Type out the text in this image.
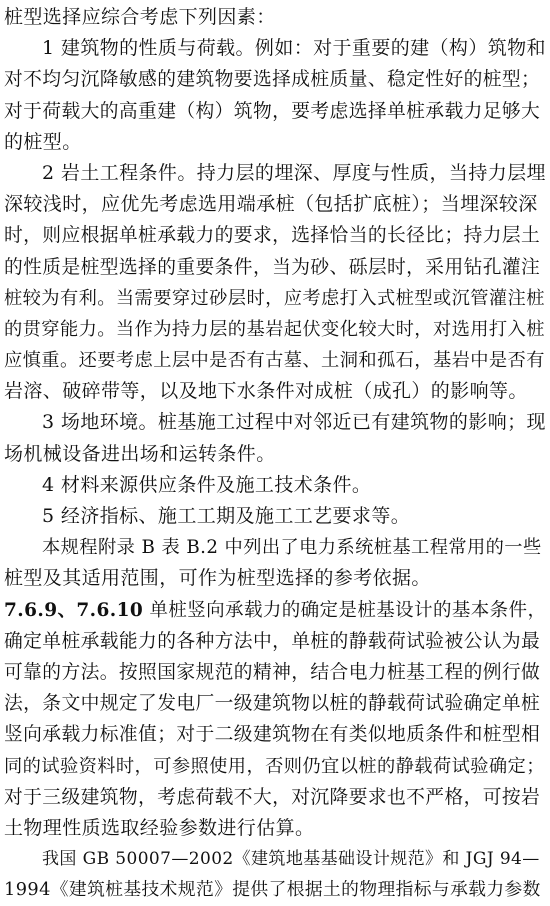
桩型选择应综合考虑下列因素：
1 建筑物的性质与荷载。例如：对于重要的建（构）筑物和
对不均匀沉降敏感的建筑物要选择成桩质量、稳定性好的桩型；
对于荷载大的高重建（构）筑物，要考虑选择单桩承载力足够大
的桩型。
2 岩土工程条件。持力层的埋深、厚度与性质，当持力层埋
深较浅时，应优先考虑选用端承桩（包括扩底桩）；当埋深较深
时，则应根据单桩承载力的要求，选择恰当的长径比；持力层土
的性质是桩型选择的重要条件，当为砂、砾层时，采用钻孔灌注
桩较为有利。当需要穿过砂层时，应考虑打入式桩型或沉管灌注桩
的贯穿能力。当作为持力层的基岩起伏变化较大时，对选用打入桩
应慎重。还要考虑上层中是否有古墓、土洞和孤石，基岩中是否有
岩溶、破碎带等，以及地下水条件对成桩（成孔）的影响等。
3 场地环境。桩基施工过程中对邻近已有建筑物的影响；现
场机械设备进出场和运转条件。
4 材料来源供应条件及施工技术条件。
5 经济指标、施工工期及施工工艺要求等。
本规程附录 B 表 B.2 中列出了电力系统桩基工程常用的一些
桩型及其适用范围，可作为桩型选择的参考依据。
7.6.9、7.6.10 单桩竖向承载力的确定是桩基设计的基本条件，
确定单桩承载能力的各种方法中，单桩的静载荷试验被公认为最
可靠的方法。按照国家规范的精神，结合电力桩基工程的例行做
法，条文中规定了发电厂一级建筑物以桩的静载荷试验确定单桩
竖向承载力标准值；对于二级建筑物在有类似地质条件和桩型相
同的试验资料时，可参照使用，否则仍宜以桩的静载荷试验确定；
对于三级建筑物，考虑荷载不大，对沉降要求也不严格，可按岩
土物理性质选取经验参数进行估算。
我国 GB 50007—2002《建筑地基基础设计规范》和 JGJ 94—
1994《建筑桩基技术规范》提供了根据土的物理指标与承载力参数
